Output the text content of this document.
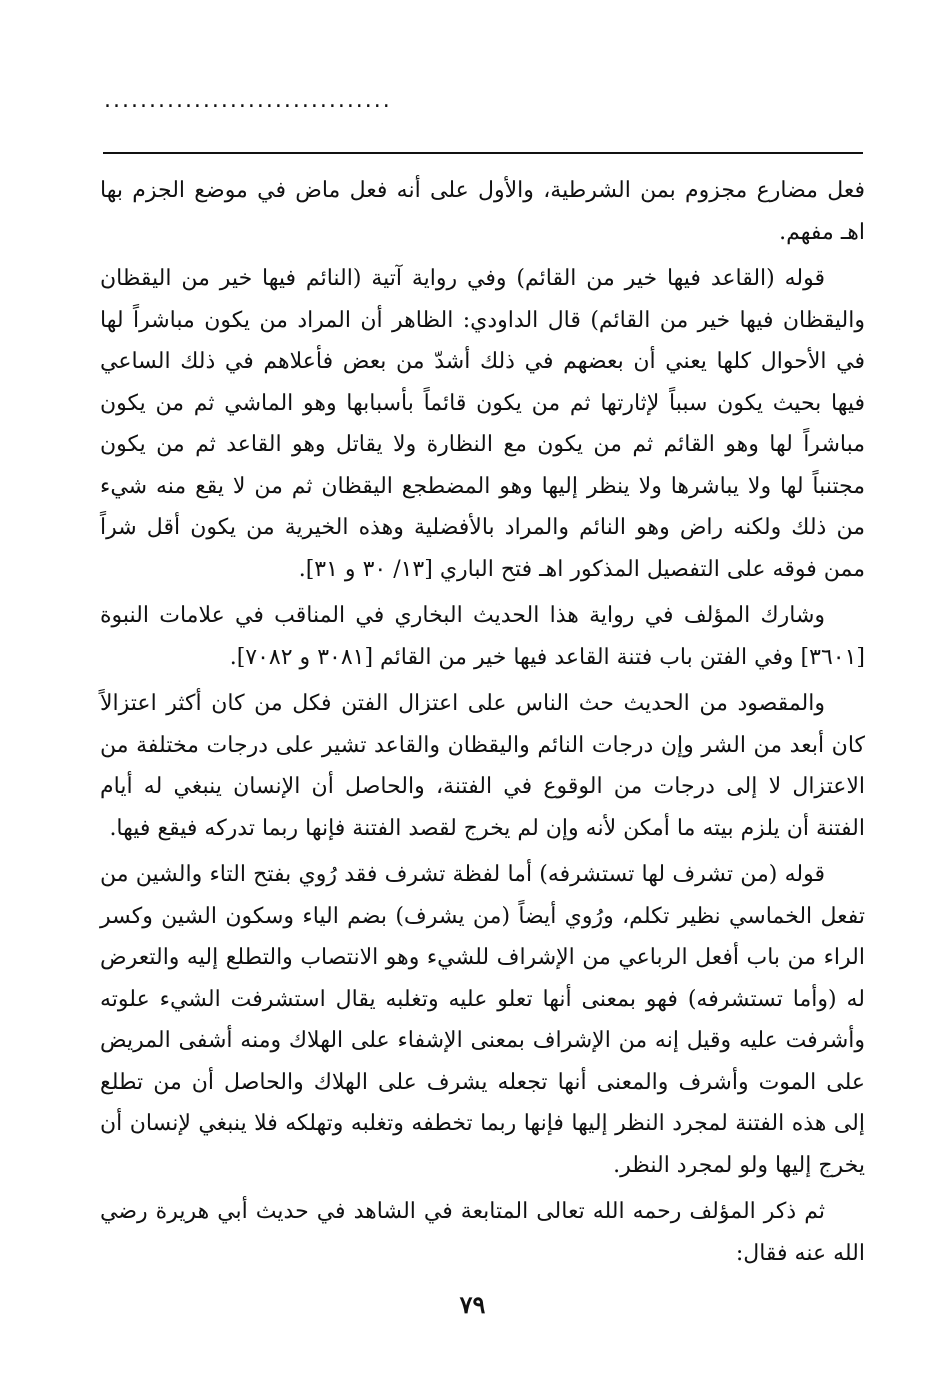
................................

فعل مضارع مجزوم بمن الشرطية، والأول على أنه فعل ماض في موضع الجزم بها اهـ مفهم.

قوله (القاعد فيها خير من القائم) وفي رواية آتية (النائم فيها خير من اليقظان واليقظان فيها خير من القائم) قال الداودي: الظاهر أن المراد من يكون مباشراً لها في الأحوال كلها يعني أن بعضهم في ذلك أشدّ من بعض فأعلاهم في ذلك الساعي فيها بحيث يكون سبباً لإثارتها ثم من يكون قائماً بأسبابها وهو الماشي ثم من يكون مباشراً لها وهو القائم ثم من يكون مع النظارة ولا يقاتل وهو القاعد ثم من يكون مجتنباً لها ولا يباشرها ولا ينظر إليها وهو المضطجع اليقظان ثم من لا يقع منه شيء من ذلك ولكنه راض وهو النائم والمراد بالأفضلية وهذه الخيرية من يكون أقل شراً ممن فوقه على التفصيل المذكور اهـ فتح الباري [١٣/ ٣٠ و ٣١].

وشارك المؤلف في رواية هذا الحديث البخاري في المناقب في علامات النبوة [٣٦٠١] وفي الفتن باب فتنة القاعد فيها خير من القائم [٣٠٨١ و ٧٠٨٢].

والمقصود من الحديث حث الناس على اعتزال الفتن فكل من كان أكثر اعتزالاً كان أبعد من الشر وإن درجات النائم واليقظان والقاعد تشير على درجات مختلفة من الاعتزال لا إلى درجات من الوقوع في الفتنة، والحاصل أن الإنسان ينبغي له أيام الفتنة أن يلزم بيته ما أمكن لأنه وإن لم يخرج لقصد الفتنة فإنها ربما تدركه فيقع فيها.

قوله (من تشرف لها تستشرفه) أما لفظة تشرف فقد رُوي بفتح التاء والشين من تفعل الخماسي نظير تكلم، ورُوي أيضاً (من يشرف) بضم الياء وسكون الشين وكسر الراء من باب أفعل الرباعي من الإشراف للشيء وهو الانتصاب والتطلع إليه والتعرض له (وأما تستشرفه) فهو بمعنى أنها تعلو عليه وتغلبه يقال استشرفت الشيء علوته وأشرفت عليه وقيل إنه من الإشراف بمعنى الإشفاء على الهلاك ومنه أشفى المريض على الموت وأشرف والمعنى أنها تجعله يشرف على الهلاك والحاصل أن من تطلع إلى هذه الفتنة لمجرد النظر إليها فإنها ربما تخطفه وتغلبه وتهلكه فلا ينبغي لإنسان أن يخرج إليها ولو لمجرد النظر.

ثم ذكر المؤلف رحمه الله تعالى المتابعة في الشاهد في حديث أبي هريرة رضي الله عنه فقال:

٧٩
